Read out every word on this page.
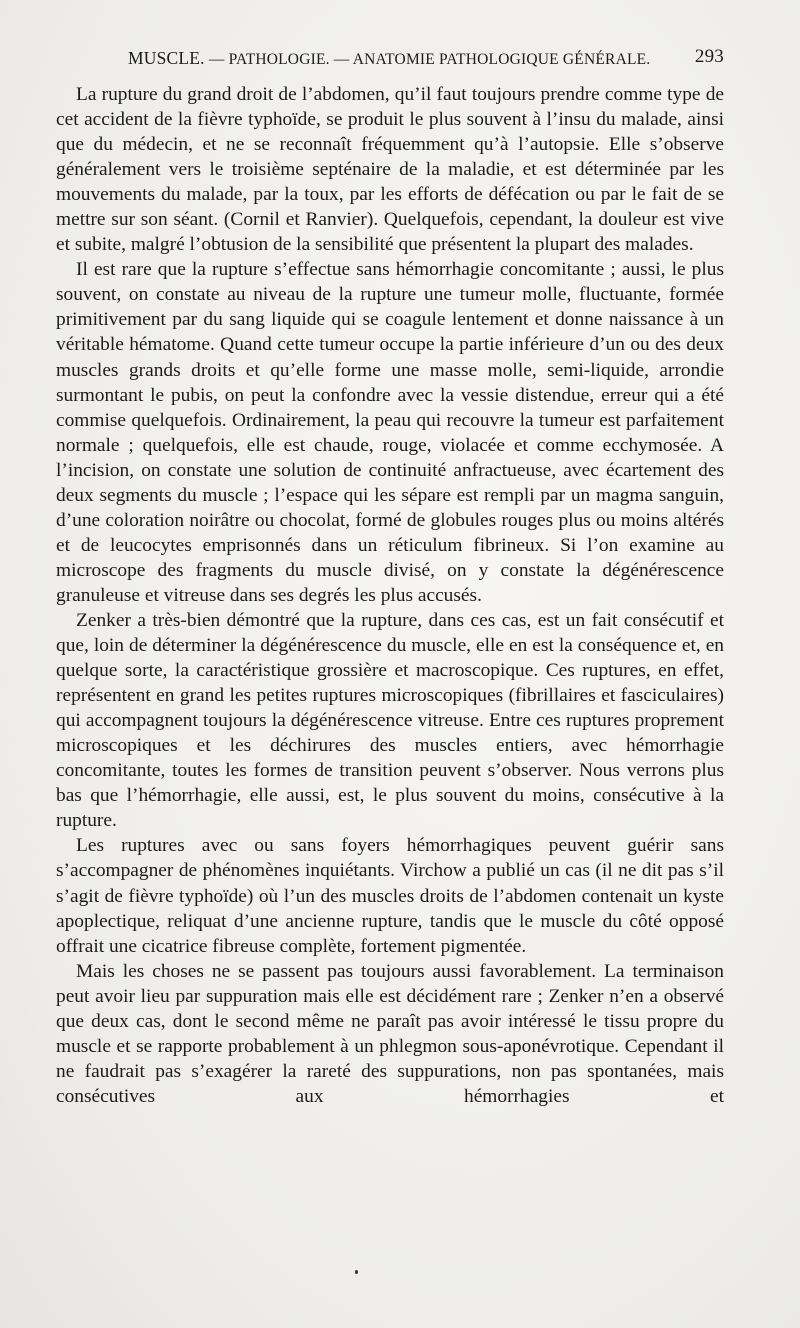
MUSCLE. — PATHOLOGIE. — ANATOMIE PATHOLOGIQUE GÉNÉRALE. 293

La rupture du grand droit de l’abdomen, qu’il faut toujours prendre comme type de cet accident de la fièvre typhoïde, se produit le plus souvent à l’insu du malade, ainsi que du médecin, et ne se reconnaît fréquemment qu’à l’autopsie. Elle s’observe généralement vers le troisième septénaire de la maladie, et est déterminée par les mouvements du malade, par la toux, par les efforts de défécation ou par le fait de se mettre sur son séant. (Cornil et Ranvier). Quelquefois, cependant, la douleur est vive et subite, malgré l’obtusion de la sensibilité que présentent la plupart des malades.

Il est rare que la rupture s’effectue sans hémorrhagie concomitante ; aussi, le plus souvent, on constate au niveau de la rupture une tumeur molle, fluctuante, formée primitivement par du sang liquide qui se coagule lentement et donne naissance à un véritable hématome. Quand cette tumeur occupe la partie inférieure d’un ou des deux muscles grands droits et qu’elle forme une masse molle, semi-liquide, arrondie surmontant le pubis, on peut la confondre avec la vessie distendue, erreur qui a été commise quelquefois. Ordinairement, la peau qui recouvre la tumeur est parfaitement normale ; quelquefois, elle est chaude, rouge, violacée et comme ecchymosée. A l’incision, on constate une solution de continuité anfractueuse, avec écartement des deux segments du muscle ; l’espace qui les sépare est rempli par un magma sanguin, d’une coloration noirâtre ou chocolat, formé de globules rouges plus ou moins altérés et de leucocytes emprisonnés dans un réticulum fibrineux. Si l’on examine au microscope des fragments du muscle divisé, on y constate la dégénérescence granuleuse et vitreuse dans ses degrés les plus accusés.

Zenker a très-bien démontré que la rupture, dans ces cas, est un fait consécutif et que, loin de déterminer la dégénérescence du muscle, elle en est la conséquence et, en quelque sorte, la caractéristique grossière et macroscopique. Ces ruptures, en effet, représentent en grand les petites ruptures microscopiques (fibrillaires et fasciculaires) qui accompagnent toujours la dégénérescence vitreuse. Entre ces ruptures proprement microscopiques et les déchirures des muscles entiers, avec hémorrhagie concomitante, toutes les formes de transition peuvent s’observer. Nous verrons plus bas que l’hémorrhagie, elle aussi, est, le plus souvent du moins, consécutive à la rupture.

Les ruptures avec ou sans foyers hémorrhagiques peuvent guérir sans s’accompagner de phénomènes inquiétants. Virchow a publié un cas (il ne dit pas s’il s’agit de fièvre typhoïde) où l’un des muscles droits de l’abdomen contenait un kyste apoplectique, reliquat d’une ancienne rupture, tandis que le muscle du côté opposé offrait une cicatrice fibreuse complète, fortement pigmentée.

Mais les choses ne se passent pas toujours aussi favorablement. La terminaison peut avoir lieu par suppuration mais elle est décidément rare ; Zenker n’en a observé que deux cas, dont le second même ne paraît pas avoir intéressé le tissu propre du muscle et se rapporte probablement à un phlegmon sous-aponévrotique. Cependant il ne faudrait pas s’exagérer la rareté des suppurations, non pas spontanées, mais consécutives aux hémorrhagies et
